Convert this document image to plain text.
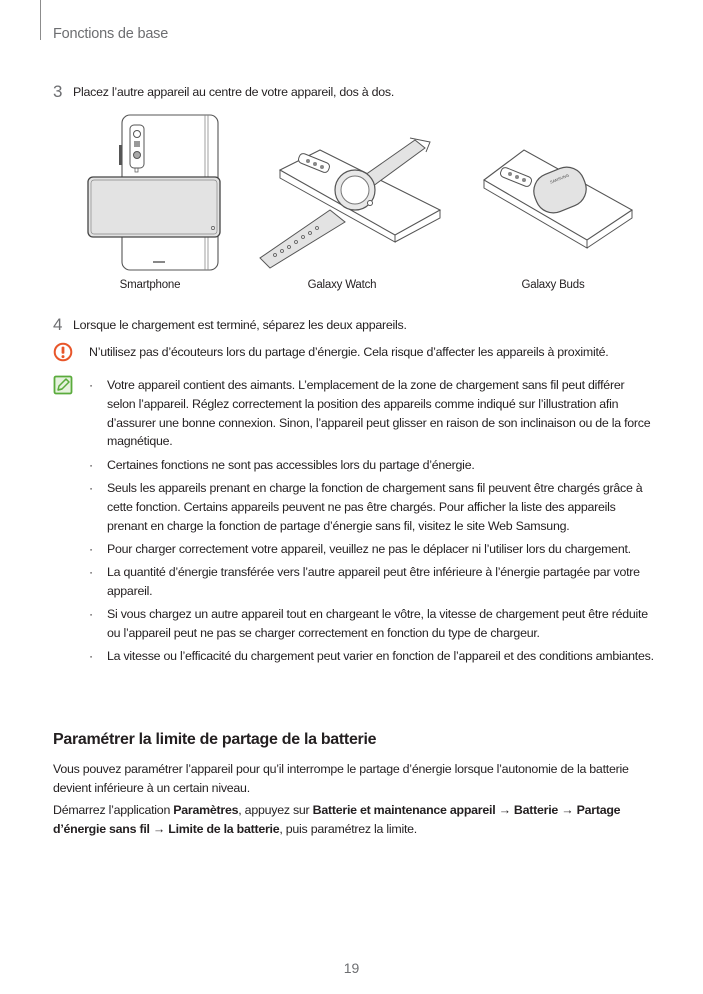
Fonctions de base
3 Placez l’autre appareil au centre de votre appareil, dos à dos.
SAMSUNG
Smartphone	Galaxy Watch	Galaxy Buds
4 Lorsque le chargement est terminé, séparez les deux appareils.
N’utilisez pas d’écouteurs lors du partage d’énergie. Cela risque d’affecter les appareils à proximité.
· Votre appareil contient des aimants. L’emplacement de la zone de chargement sans fil peut différer selon l’appareil. Réglez correctement la position des appareils comme indiqué sur l’illustration afin d’assurer une bonne connexion. Sinon, l’appareil peut glisser en raison de son inclinaison ou de la force magnétique.
· Certaines fonctions ne sont pas accessibles lors du partage d’énergie.
· Seuls les appareils prenant en charge la fonction de chargement sans fil peuvent être chargés grâce à cette fonction. Certains appareils peuvent ne pas être chargés. Pour afficher la liste des appareils prenant en charge la fonction de partage d’énergie sans fil, visitez le site Web Samsung.
· Pour charger correctement votre appareil, veuillez ne pas le déplacer ni l’utiliser lors du chargement.
· La quantité d’énergie transférée vers l’autre appareil peut être inférieure à l’énergie partagée par votre appareil.
· Si vous chargez un autre appareil tout en chargeant le vôtre, la vitesse de chargement peut être réduite ou l’appareil peut ne pas se charger correctement en fonction du type de chargeur.
· La vitesse ou l’efficacité du chargement peut varier en fonction de l’appareil et des conditions ambiantes.
Paramétrer la limite de partage de la batterie

Vous pouvez paramétrer l’appareil pour qu’il interrompe le partage d’énergie lorsque l’autonomie de la batterie devient inférieure à un certain niveau.

Démarrez l’application Paramètres, appuyez sur Batterie et maintenance appareil → Batterie → Partage d’énergie sans fil → Limite de la batterie, puis paramétrez la limite.

19
